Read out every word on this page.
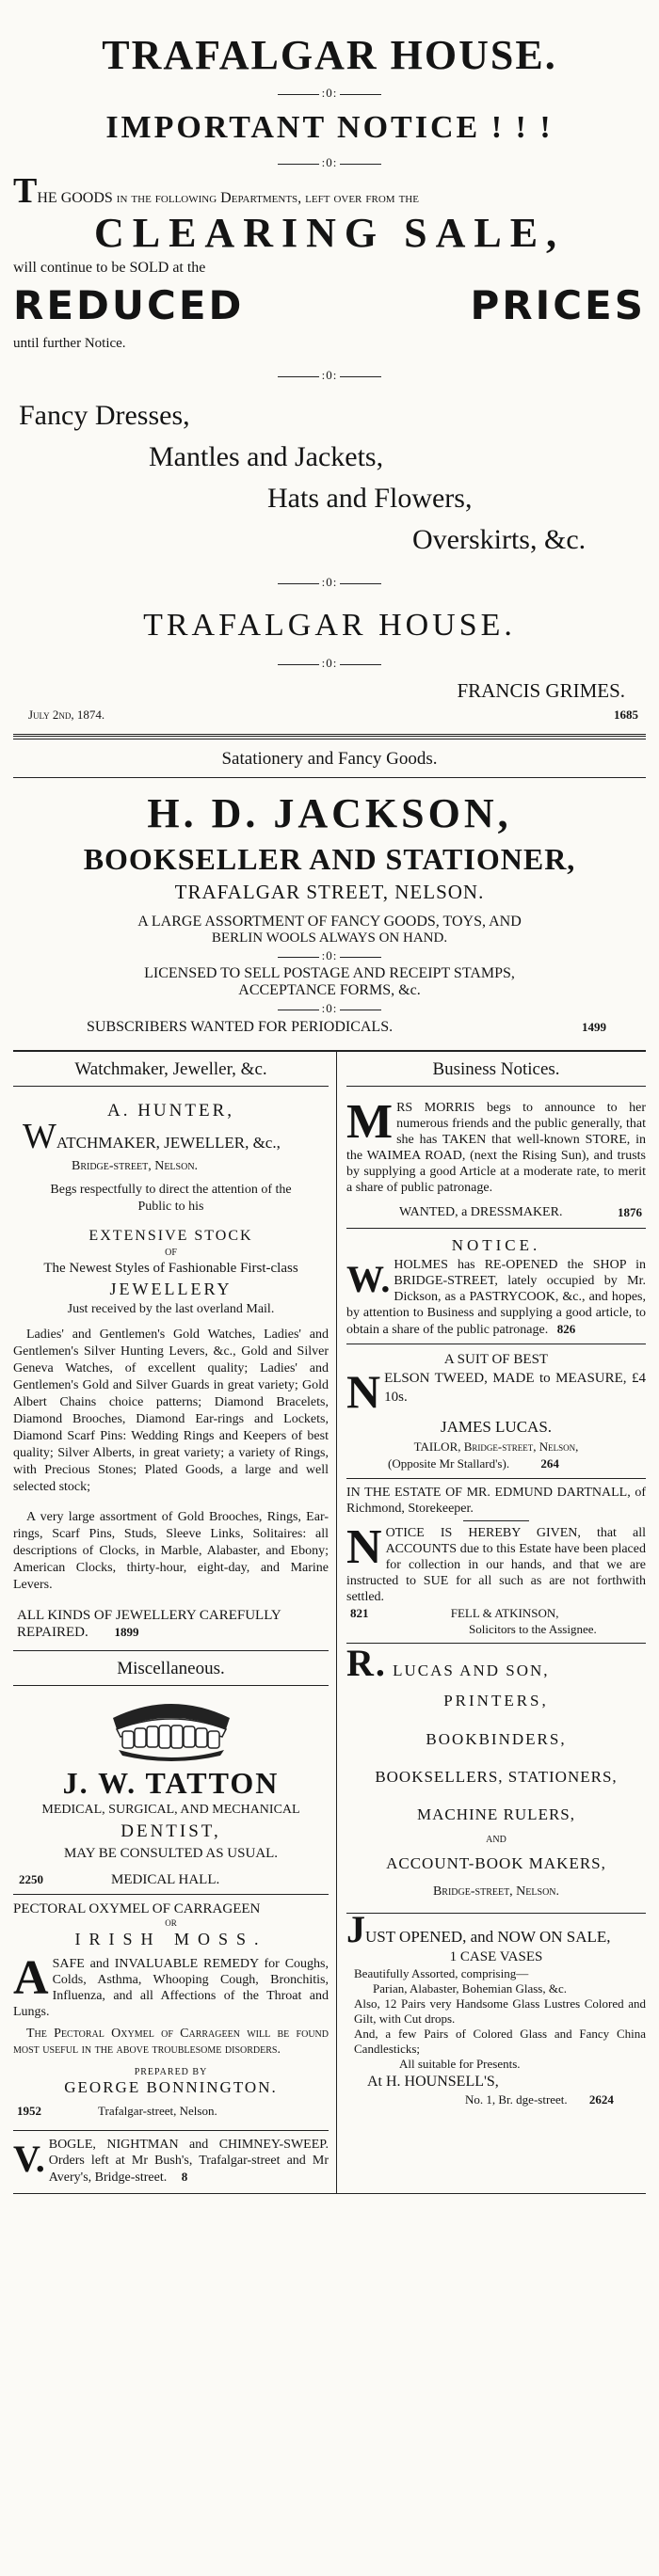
TRAFALGAR HOUSE.
:0:
IMPORTANT NOTICE ! ! !
:0:
THE GOODS in the following Departments, left over from the
CLEARING SALE,
will continue to be SOLD at the
REDUCED	PRICES
until further Notice.
:0:
Fancy Dresses,
Mantles and Jackets,
Hats and Flowers,
Overskirts, &c.
:0:
TRAFALGAR HOUSE.
:0:
FRANCIS GRIMES.
July 2nd, 1874.	1685
Satationery and Fancy Goods.
H. D. JACKSON,
BOOKSELLER AND STATIONER,
TRAFALGAR STREET, NELSON.
A LARGE ASSORTMENT OF FANCY GOODS, TOYS, AND
BERLIN WOOLS ALWAYS ON HAND.
:0:
LICENSED TO SELL POSTAGE AND RECEIPT STAMPS,
ACCEPTANCE FORMS, &c.
:0:
SUBSCRIBERS WANTED FOR PERIODICALS.	1499
Watchmaker, Jeweller, &c.
A. HUNTER,
WATCHMAKER, JEWELLER, &c.,
Bridge-street, Nelson.
Begs respectfully to direct the attention of the Public to his
EXTENSIVE STOCK
OF
The Newest Styles of Fashionable First-class
JEWELLERY
Just received by the last overland Mail.

Ladies' and Gentlemen's Gold Watches, Ladies' and Gentlemen's Silver Hunting Levers, &c., Gold and Silver Geneva Watches, of excellent quality; Ladies' and Gentlemen's Gold and Silver Guards in great variety; Gold Albert Chains choice patterns; Diamond Bracelets, Diamond Brooches, Diamond Ear-rings and Lockets, Diamond Scarf Pins: Wedding Rings and Keepers of best quality; Silver Alberts, in great variety; a variety of Rings, with Precious Stones; Plated Goods, a large and well selected stock;

A very large assortment of Gold Brooches, Rings, Ear-rings, Scarf Pins, Studs, Sleeve Links, Solitaires: all descriptions of Clocks, in Marble, Alabaster, and Ebony; American Clocks, thirty-hour, eight-day, and Marine Levers.

ALL KINDS OF JEWELLERY CAREFULLY REPAIRED. 1899
Miscellaneous.
J. W. TATTON
MEDICAL, SURGICAL, AND MECHANICAL
DENTIST,
MAY BE CONSULTED AS USUAL.
2250	MEDICAL HALL.
PECTORAL OXYMEL OF CARRAGEEN
OR
IRISH MOSS.

ASAFE and INVALUABLE REMEDY for Coughs, Colds, Asthma, Whooping Cough, Bronchitis, Influenza, and all Affections of the Throat and Lungs.

The Pectoral Oxymel of Carrageen will be found most useful in the above troublesome disorders.

PREPARED BY
GEORGE BONNINGTON.
1952	Trafalgar-street, Nelson.

V. BOGLE, NIGHTMAN and CHIMNEY-SWEEP. Orders left at Mr Bush's, Trafalgar-street and Mr Avery's, Bridge-street. 8

Business Notices.

MRS MORRIS begs to announce to her numerous friends and the public generally, that she has TAKEN that well-known STORE, in the WAIMEA ROAD, (next the Rising Sun), and trusts by supplying a good Article at a moderate rate, to merit a share of public patronage.

WANTED, a DRESSMAKER.	1876
NOTICE.

W. HOLMES has RE-OPENED the SHOP in BRIDGE-STREET, lately occupied by Mr. Dickson, as a PASTRYCOOK, &c., and hopes, by attention to Business and supplying a good article, to obtain a share of the public patronage. 826

A SUIT OF BEST

NELSON TWEED, MADE to MEASURE, £4 10s.

JAMES LUCAS.
TAILOR, Bridge-street, Nelson,
(Opposite Mr Stallard's).	264
IN THE ESTATE OF MR. EDMUND DARTNALL, of Richmond, Storekeeper.

NOTICE IS HEREBY GIVEN, that all ACCOUNTS due to this Estate have been placed for collection in our hands, and that we are instructed to SUE for all such as are not forthwith settled.

821	FELL & ATKINSON,
Solicitors to the Assignee.
R. LUCAS AND SON,
PRINTERS,
BOOKBINDERS,
BOOKSELLERS, STATIONERS,
MACHINE RULERS,
AND
ACCOUNT-BOOK MAKERS,
Bridge-street, Nelson.
JUST OPENED, and NOW ON SALE,
1 CASE VASES
Beautifully Assorted, comprising—
Parian, Alabaster, Bohemian Glass, &c.
Also, 12 Pairs very Handsome Glass Lustres Colored and Gilt, with Cut drops.
And, a few Pairs of Colored Glass and Fancy China Candlesticks;
All suitable for Presents.
At H. HOUNSELL'S,
No. 1, Br. dge-street. 2624
